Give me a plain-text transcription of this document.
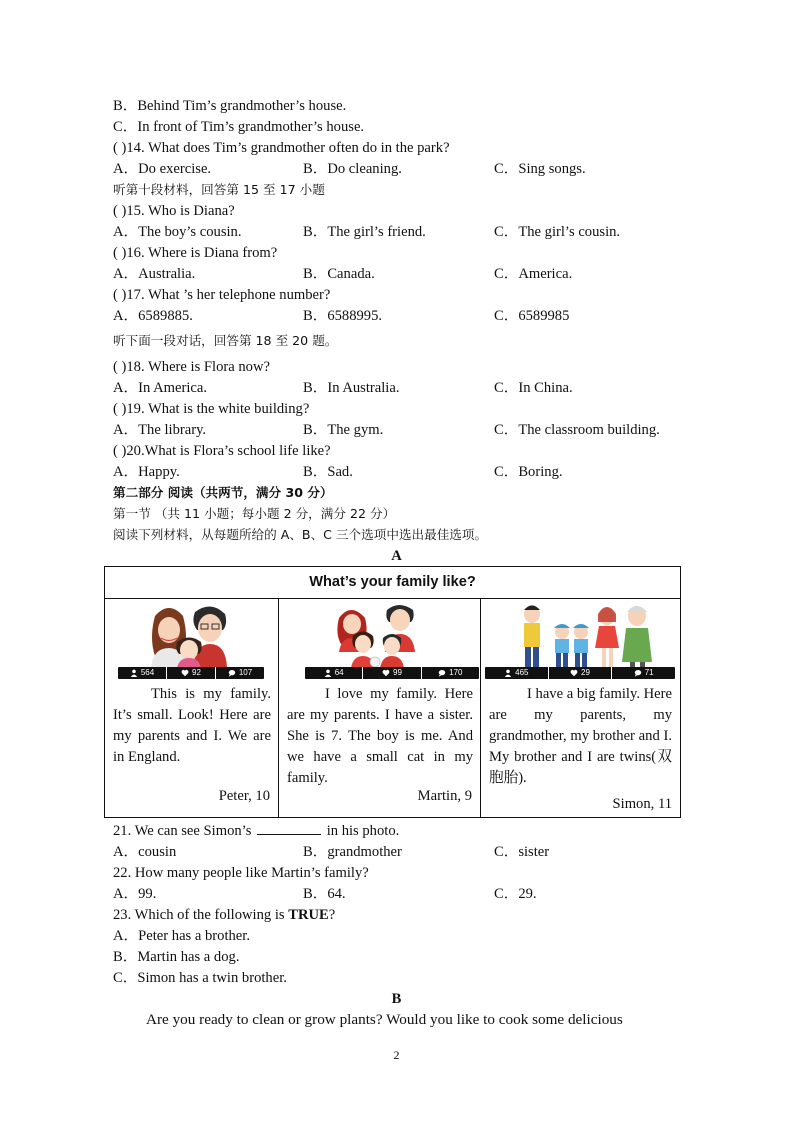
B．Behind Tim’s grandmother’s house.
C．In front of Tim’s grandmother’s house.
( )14. What does Tim’s grandmother often do in the park?
A．Do exercise.	B．Do cleaning.	C．Sing songs.
听第十段材料，回答第 15 至 17 小题
( )15. Who is Diana?
A．The boy’s cousin.	B．The girl’s friend.	C．The girl’s cousin.
( )16. Where is Diana from?
A．Australia.	B．Canada.	C．America.
( )17. What ’s her telephone number?
A．6589885.	B．6588995.	C．6589985
听下面一段对话，回答第 18 至 20 题。
( )18. Where is Flora now?
A．In America.	B．In Australia.	C．In China.
( )19. What is the white building?
A．The library.	B．The gym.	C．The classroom building.
( )20.What is Flora’s school life like?
A．Happy.	B．Sad.	C．Boring.
第二部分 阅读（共两节，满分 30 分）
第一节 （共 11 小题；每小题 2 分，满分 22 分）
阅读下列材料，从每题所给的 A、B、C 三个选项中选出最佳选项。
A
What’s your family like?
564	92	107
This is my family. It’s small. Look! Here are my parents and I. We are in England.
Peter, 10
64	99	170
I love my family. Here are my parents. I have a sister. She is 7. The boy is me. And we have a small cat in my family.
Martin, 9
465	29	71
I have a big family. Here are my parents, my grandmother, my brother and I. My brother and I are twins(双胞胎).
Simon, 11
21. We can see Simon’s	in his photo.
A．cousin	B．grandmother	C．sister
22. How many people like Martin’s family?
A．99.	B．64.	C．29.
23. Which of the following is TRUE?
A．Peter has a brother.
B．Martin has a dog.
C．Simon has a twin brother.
B
Are you ready to clean or grow plants? Would you like to cook some delicious
2
